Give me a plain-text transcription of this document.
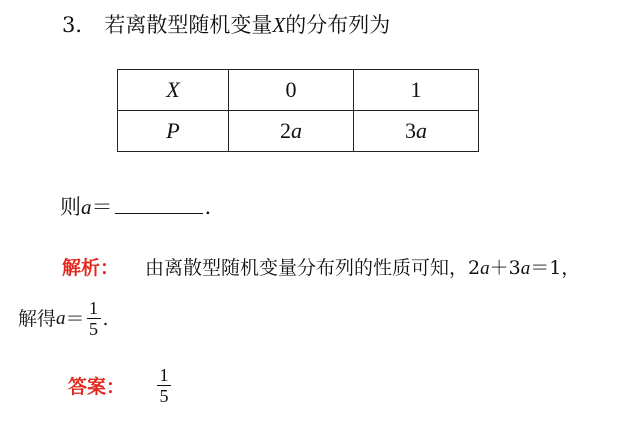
3． 若离散型随机变量X的分布列为
X	0	1
P	2a	3a
则a＝	.
解析： 由离散型随机变量分布列的性质可知，2a＋3a＝1，
解得 $a = \frac{1}{5}$ .
答案： $\frac{1}{5}$
